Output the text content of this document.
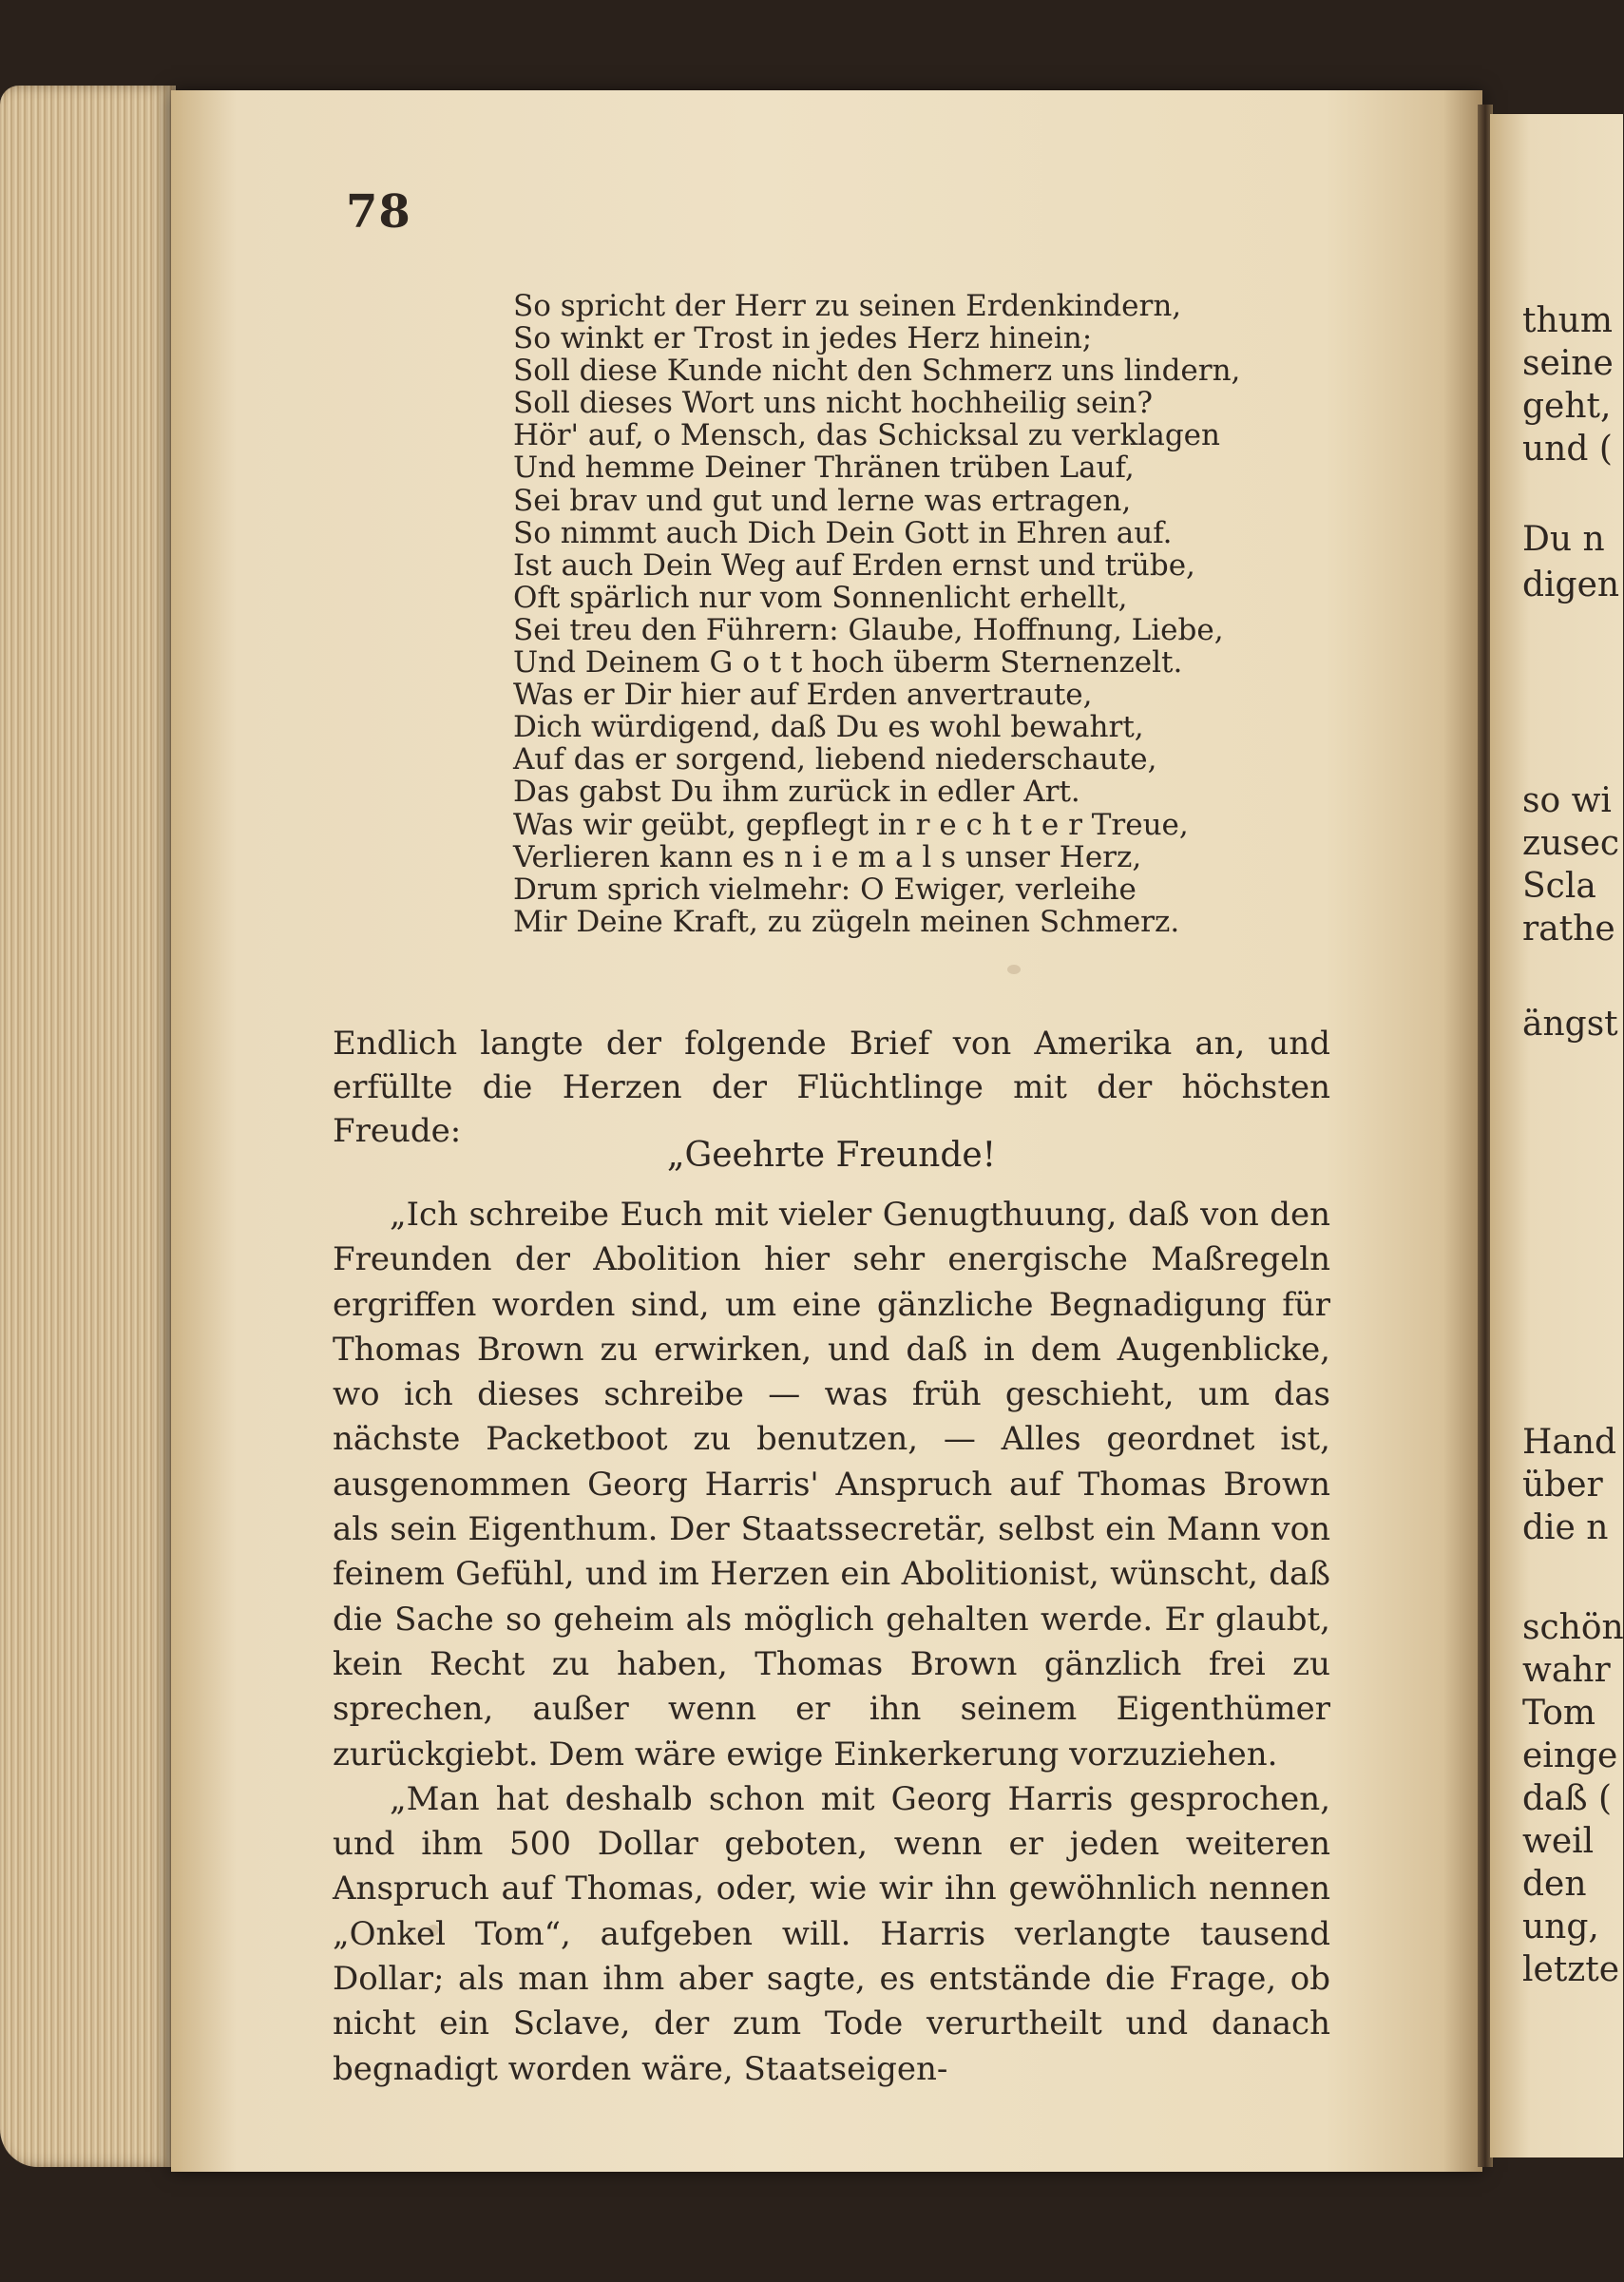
78
So spricht der Herr zu seinen Erdenkindern,
So winkt er Trost in jedes Herz hinein;
Soll diese Kunde nicht den Schmerz uns lindern,
Soll dieses Wort uns nicht hochheilig sein?
Hör' auf, o Mensch, das Schicksal zu verklagen
Und hemme Deiner Thränen trüben Lauf,
Sei brav und gut und lerne was ertragen,
So nimmt auch Dich Dein Gott in Ehren auf.
Ist auch Dein Weg auf Erden ernst und trübe,
Oft spärlich nur vom Sonnenlicht erhellt,
Sei treu den Führern: Glaube, Hoffnung, Liebe,
Und Deinem G o t t hoch überm Sternenzelt.
Was er Dir hier auf Erden anvertraute,
Dich würdigend, daß Du es wohl bewahrt,
Auf das er sorgend, liebend niederschaute,
Das gabst Du ihm zurück in edler Art.
Was wir geübt, gepflegt in r e c h t e r Treue,
Verlieren kann es n i e m a l s unser Herz,
Drum sprich vielmehr: O Ewiger, verleihe
Mir Deine Kraft, zu zügeln meinen Schmerz.
Endlich langte der folgende Brief von Amerika an, und erfüllte die Herzen der Flüchtlinge mit der höchsten Freude:
„Geehrte Freunde!

„Ich schreibe Euch mit vieler Genugthuung, daß von den Freunden der Abolition hier sehr energische Maßregeln ergriffen worden sind, um eine gänzliche Begnadigung für Thomas Brown zu erwirken, und daß in dem Augenblicke, wo ich dieses schreibe — was früh geschieht, um das nächste Packetboot zu benutzen, — Alles geordnet ist, ausgenommen Georg Harris' Anspruch auf Thomas Brown als sein Eigenthum. Der Staatssecretär, selbst ein Mann von feinem Gefühl, und im Herzen ein Abolitionist, wünscht, daß die Sache so geheim als möglich gehalten werde. Er glaubt, kein Recht zu haben, Thomas Brown gänzlich frei zu sprechen, außer wenn er ihn seinem Eigenthümer zurückgiebt. Dem wäre ewige Einkerkerung vorzuziehen.

„Man hat deshalb schon mit Georg Harris gesprochen, und ihm 500 Dollar geboten, wenn er jeden weiteren Anspruch auf Thomas, oder, wie wir ihn gewöhnlich nennen „Onkel Tom“, aufgeben will. Harris verlangte tausend Dollar; als man ihm aber sagte, es entstände die Frage, ob nicht ein Sclave, der zum Tode verurtheilt und danach begnadigt worden wäre, Staatseigen-

thum
seine
geht,
und (
Du n
digen
so wi
zusec
Scla
rathe
ängst
Hand
über
die n
schön
wahr
Tom
einge
daß (
weil
den
ung,
letzte
